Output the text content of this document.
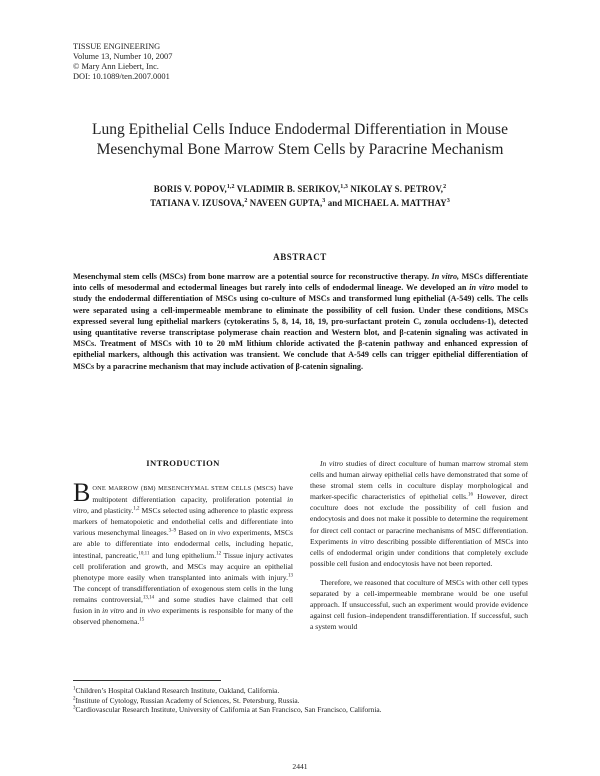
TISSUE ENGINEERING
Volume 13, Number 10, 2007
© Mary Ann Liebert, Inc.
DOI: 10.1089/ten.2007.0001
Lung Epithelial Cells Induce Endodermal Differentiation in Mouse
Mesenchymal Bone Marrow Stem Cells by Paracrine Mechanism
BORIS V. POPOV,$^{1,2}$ VLADIMIR B. SERIKOV,$^{1,3}$ NIKOLAY S. PETROV,$^2$
TATIANA V. IZUSOVA,$^2$ NAVEEN GUPTA,$^3$ and MICHAEL A. MATTHAY$^3$
ABSTRACT
Mesenchymal stem cells (MSCs) from bone marrow are a potential source for reconstructive therapy. In vitro, MSCs differentiate into cells of mesodermal and ectodermal lineages but rarely into cells of endodermal lineage. We developed an in vitro model to study the endodermal differentiation of MSCs using co-culture of MSCs and transformed lung epithelial (A-549) cells. The cells were separated using a cell-impermeable membrane to eliminate the possibility of cell fusion. Under these conditions, MSCs expressed several lung epithelial markers (cytokeratins 5, 8, 14, 18, 19, pro-surfactant protein C, zonula occludens-1), detected using quantitative reverse transcriptase polymerase chain reaction and Western blot, and β-catenin signaling was activated in MSCs. Treatment of MSCs with 10 to 20 mM lithium chloride activated the β-catenin pathway and enhanced expression of epithelial markers, although this activation was transient. We conclude that A-549 cells can trigger epithelial differentiation of MSCs by a paracrine mechanism that may include activation of β-catenin signaling.
INTRODUCTION

BONE MARROW (BM) MESENCHYMAL STEM CELLS (MSCS) have multipotent differentiation capacity, proliferation potential in vitro, and plasticity.$^{1,2}$ MSCs selected using adherence to plastic express markers of hematopoietic and endothelial cells and differentiate into various mesenchymal lineages.$^{3-9}$ Based on in vivo experiments, MSCs are able to differentiate into endodermal cells, including hepatic, intestinal, pancreatic,$^{10,11}$ and lung epithelium.$^{12}$ Tissue injury activates cell proliferation and growth, and MSCs may acquire an epithelial phenotype more easily when transplanted into animals with injury.$^{13}$ The concept of transdifferentiation of exogenous stem cells in the lung remains controversial,$^{13,14}$ and some studies have claimed that cell fusion in in vitro and in vivo experiments is responsible for many of the observed phenomena.$^{15}$

In vitro studies of direct coculture of human marrow stromal stem cells and human airway epithelial cells have demonstrated that some of these stromal stem cells in coculture display morphological and marker-specific characteristics of epithelial cells.$^{16}$ However, direct coculture does not exclude the possibility of cell fusion and endocytosis and does not make it possible to determine the requirement for direct cell contact or paracrine mechanisms of MSC differentiation. Experiments in vitro describing possible differentiation of MSCs into cells of endodermal origin under conditions that completely exclude possible cell fusion and endocytosis have not been reported.

Therefore, we reasoned that coculture of MSCs with other cell types separated by a cell-impermeable membrane would be one useful approach. If unsuccessful, such an experiment would provide evidence against cell fusion–independent transdifferentiation. If successful, such a system would

$^1$Children’s Hospital Oakland Research Institute, Oakland, California.
$^2$Institute of Cytology, Russian Academy of Sciences, St. Petersburg, Russia.
$^3$Cardiovascular Research Institute, University of California at San Francisco, San Francisco, California.
2441
